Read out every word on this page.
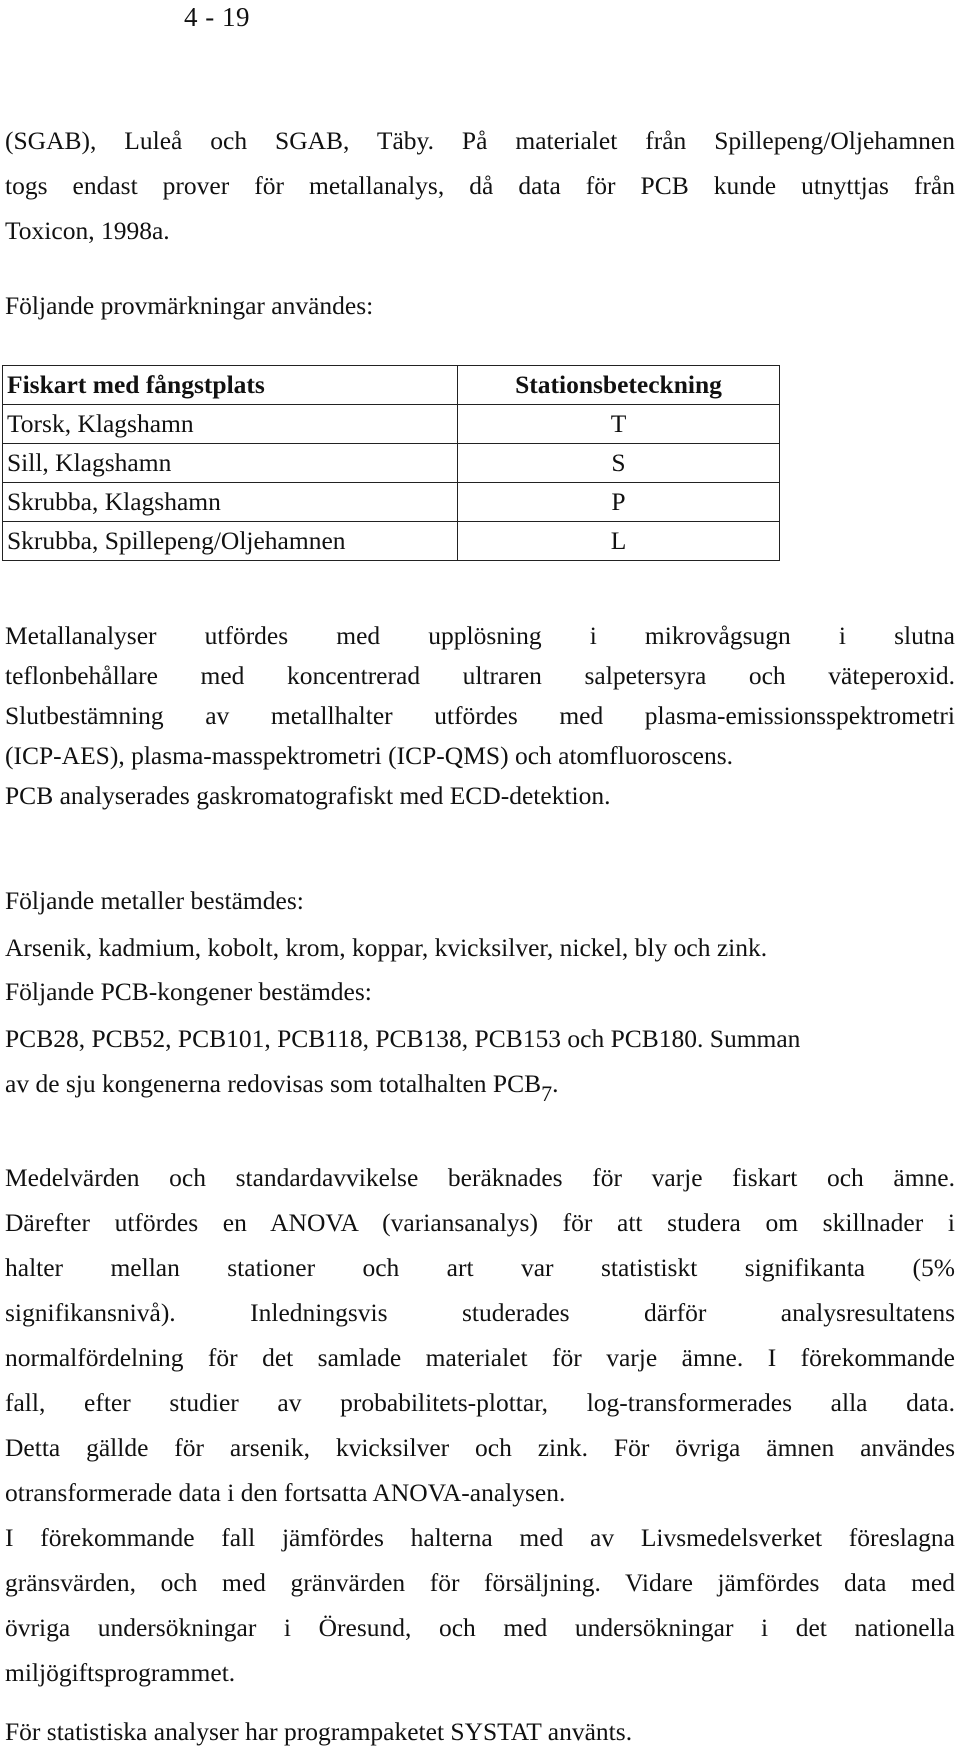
4 - 19
(SGAB), Luleå och SGAB, Täby. På materialet från Spillepeng/Oljehamnen
togs endast prover för metallanalys, då data för PCB kunde utnyttjas från
Toxicon, 1998a.
Följande provmärkningar användes:
Fiskart med fångstplats	Stationsbeteckning
Torsk, Klagshamn	T
Sill, Klagshamn	S
Skrubba, Klagshamn	P
Skrubba, Spillepeng/Oljehamnen	L
Metallanalyser utfördes med upplösning i mikrovågsugn i slutna
teflonbehållare med koncentrerad ultraren salpetersyra och väteperoxid.
Slutbestämning av metallhalter utfördes med plasma-emissionsspektrometri
(ICP-AES), plasma-masspektrometri (ICP-QMS) och atomfluoroscens.
PCB analyserades gaskromatografiskt med ECD-detektion.
Följande metaller bestämdes:
Arsenik, kadmium, kobolt, krom, koppar, kvicksilver, nickel, bly och zink.
Följande PCB-kongener bestämdes:
PCB28, PCB52, PCB101, PCB118, PCB138, PCB153 och PCB180. Summan
av de sju kongenerna redovisas som totalhalten PCB7.
Medelvärden och standardavvikelse beräknades för varje fiskart och ämne.
Därefter utfördes en ANOVA (variansanalys) för att studera om skillnader i
halter mellan stationer och art var statistiskt signifikanta (5%
signifikansnivå). Inledningsvis studerades därför analysresultatens
normalfördelning för det samlade materialet för varje ämne. I förekommande
fall, efter studier av probabilitets-plottar, log-transformerades alla data.
Detta gällde för arsenik, kvicksilver och zink. För övriga ämnen användes
otransformerade data i den fortsatta ANOVA-analysen.
I förekommande fall jämfördes halterna med av Livsmedelsverket föreslagna
gränsvärden, och med gränvärden för försäljning. Vidare jämfördes data med
övriga undersökningar i Öresund, och med undersökningar i det nationella
miljögiftsprogrammet.
För statistiska analyser har programpaketet SYSTAT använts.
